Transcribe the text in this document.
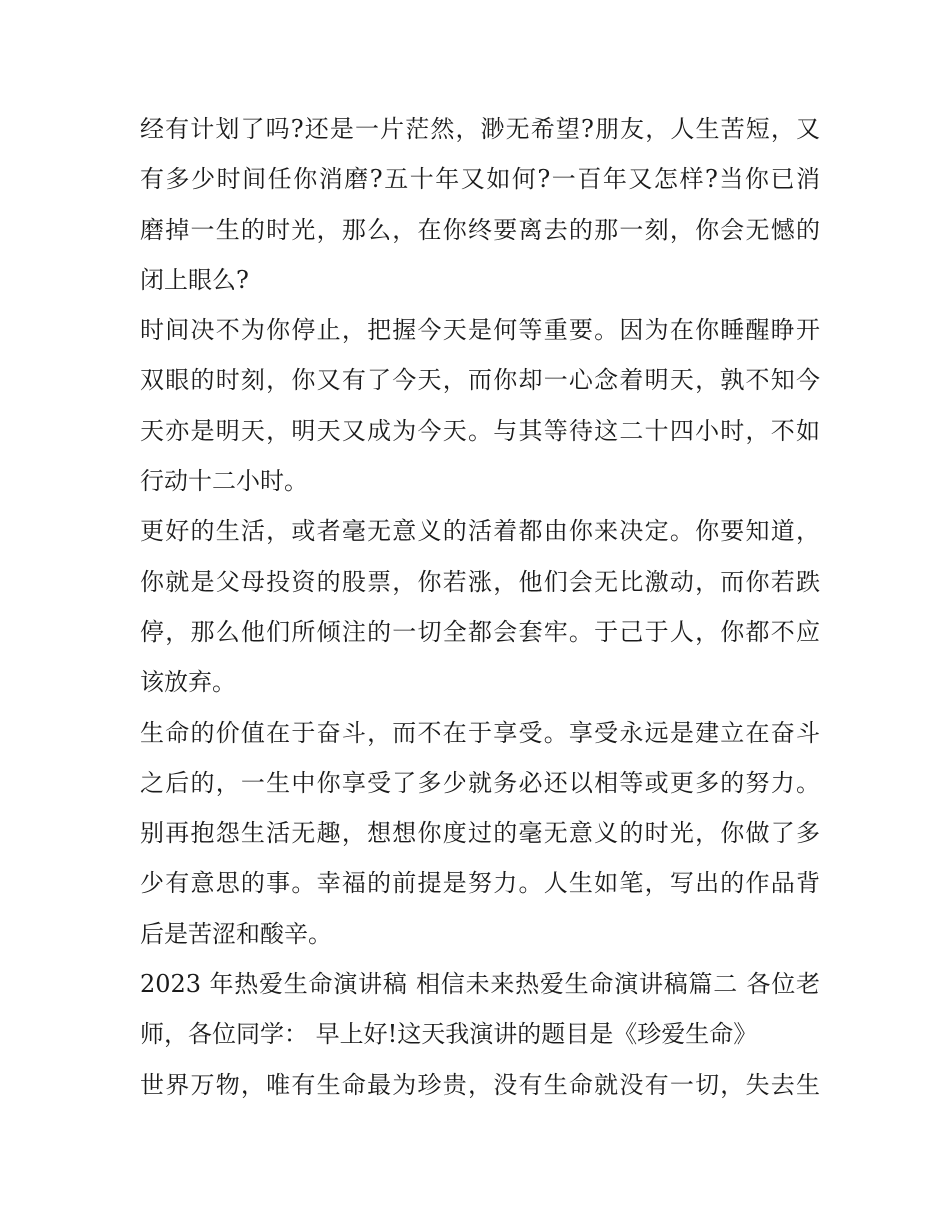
经有计划了吗?还是一片茫然，渺无希望?朋友，人生苦短，又
有多少时间任你消磨?五十年又如何?一百年又怎样?当你已消
磨掉一生的时光，那么，在你终要离去的那一刻，你会无憾的
闭上眼么?
时间决不为你停止，把握今天是何等重要。因为在你睡醒睁开
双眼的时刻，你又有了今天，而你却一心念着明天，孰不知今
天亦是明天，明天又成为今天。与其等待这二十四小时，不如
行动十二小时。
更好的生活，或者毫无意义的活着都由你来决定。你要知道，
你就是父母投资的股票，你若涨，他们会无比激动，而你若跌
停，那么他们所倾注的一切全都会套牢。于己于人，你都不应
该放弃。
生命的价值在于奋斗，而不在于享受。享受永远是建立在奋斗
之后的，一生中你享受了多少就务必还以相等或更多的努力。
别再抱怨生活无趣，想想你度过的毫无意义的时光，你做了多
少有意思的事。幸福的前提是努力。人生如笔，写出的作品背
后是苦涩和酸辛。
2023 年热爱生命演讲稿 相信未来热爱生命演讲稿篇二 各位老
师，各位同学： 早上好!这天我演讲的题目是《珍爱生命》
世界万物，唯有生命最为珍贵，没有生命就没有一切，失去生
